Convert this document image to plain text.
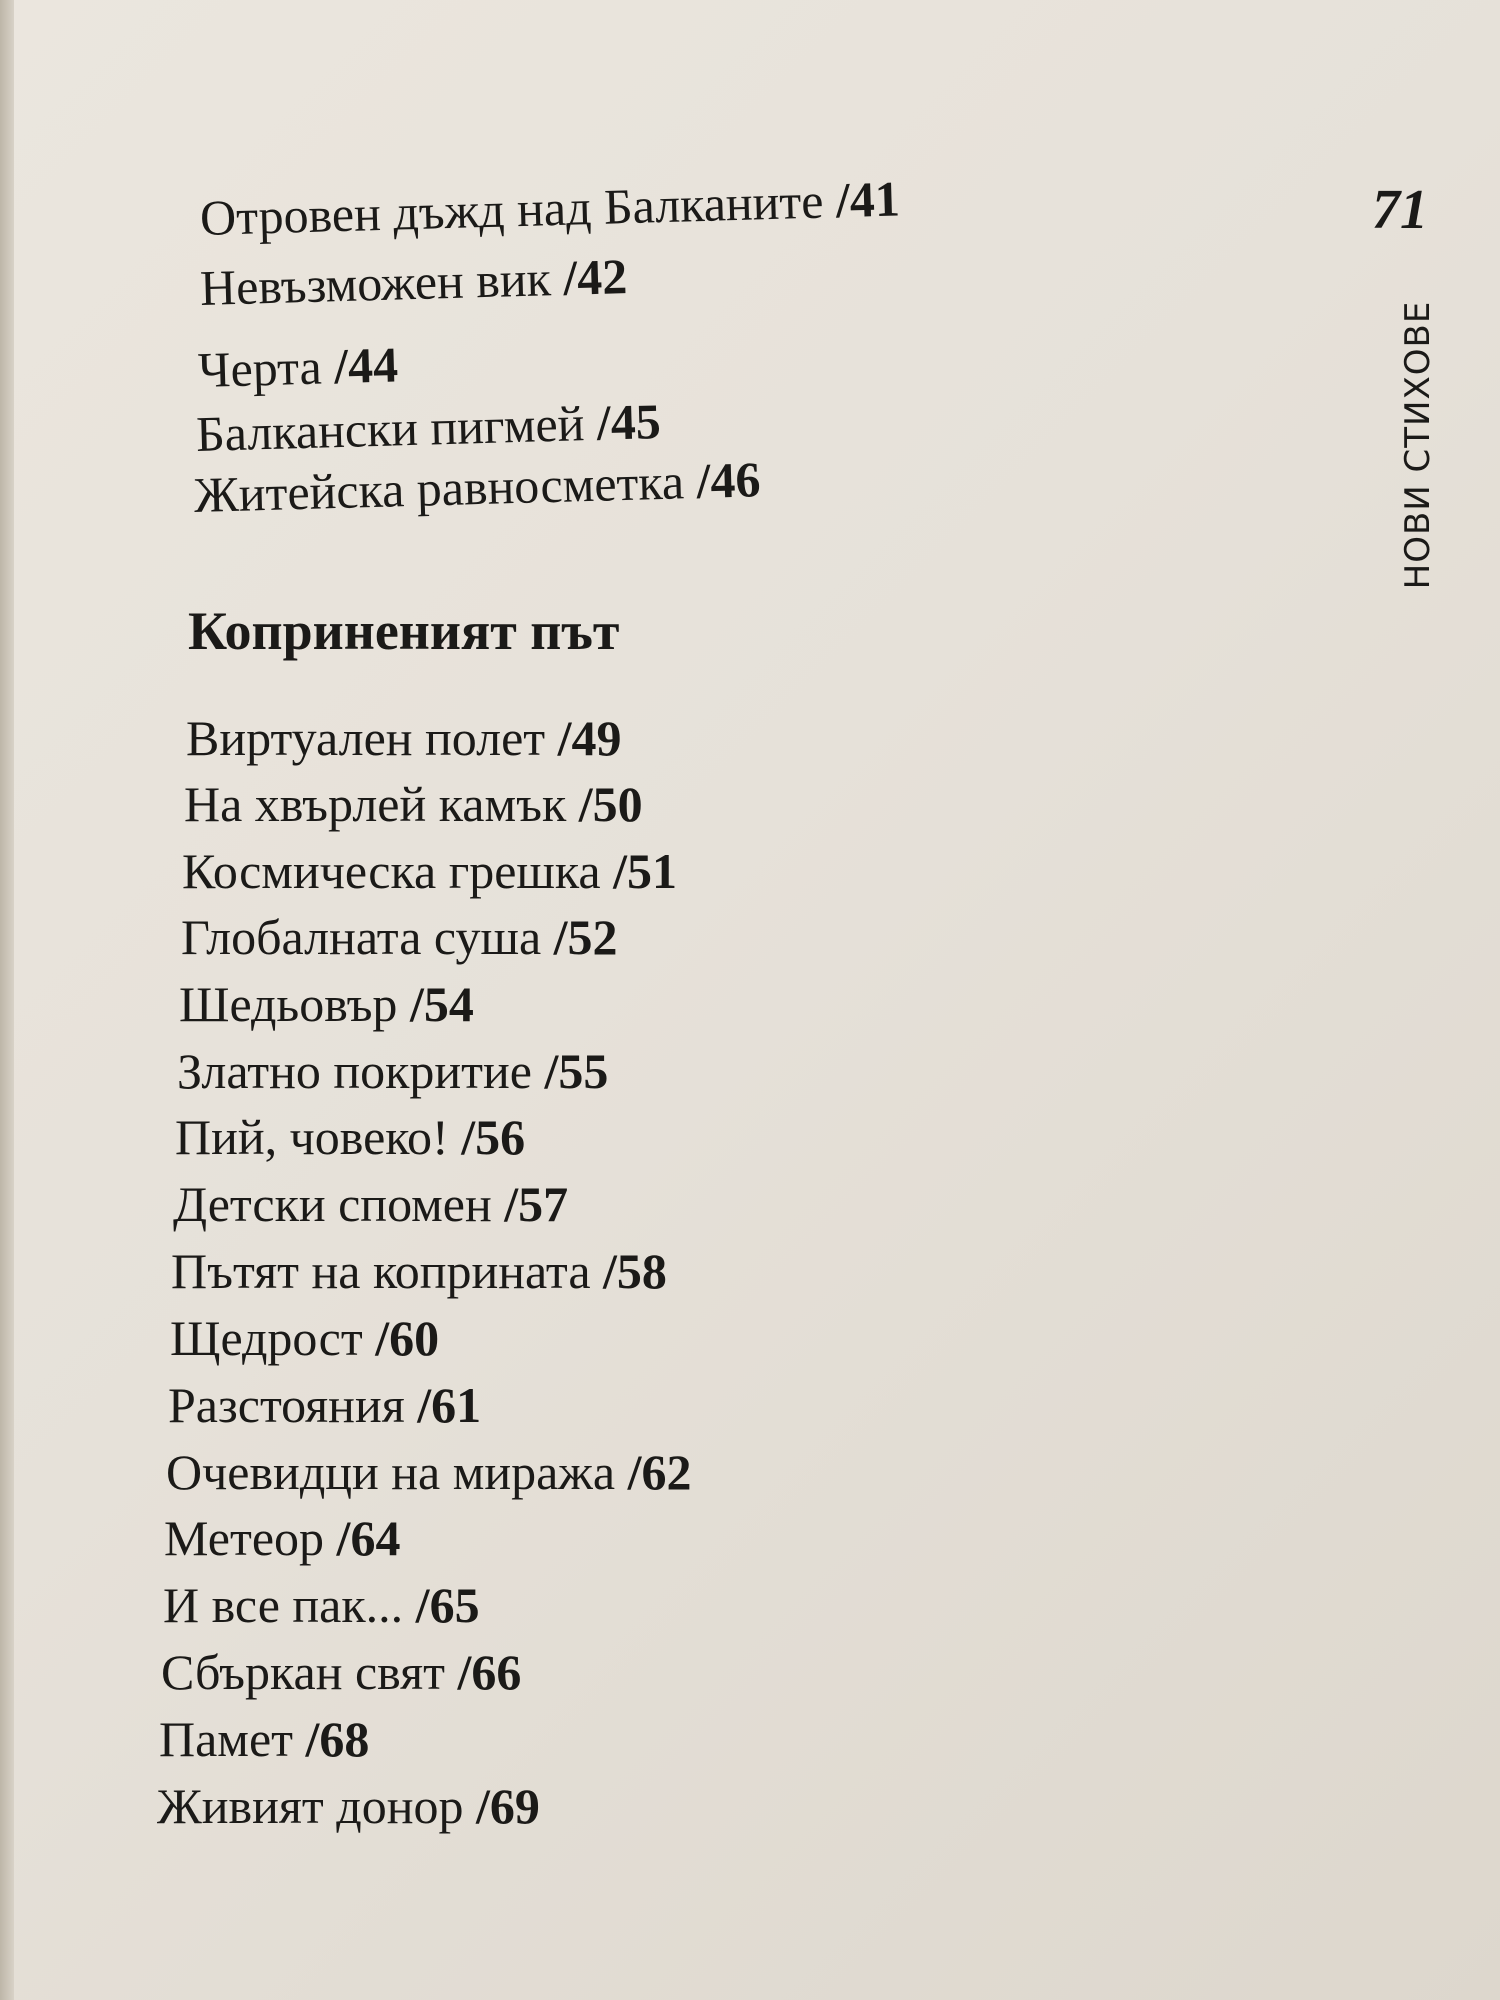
71
НОВИ СТИХОВЕ
Отровен дъжд над Балканите /41
Невъзможен вик /42
Черта /44
Балкански пигмей /45
Житейска равносметка /46
Коприненият път
Виртуален полет /49
На хвърлей камък /50
Космическа грешка /51
Глобалната суша /52
Шедьовър /54
Златно покритие /55
Пий, човеко! /56
Детски спомен /57
Пътят на коприната /58
Щедрост /60
Разстояния /61
Очевидци на миража /62
Метеор /64
И все пак... /65
Сбъркан свят /66
Памет /68
Живият донор /69
